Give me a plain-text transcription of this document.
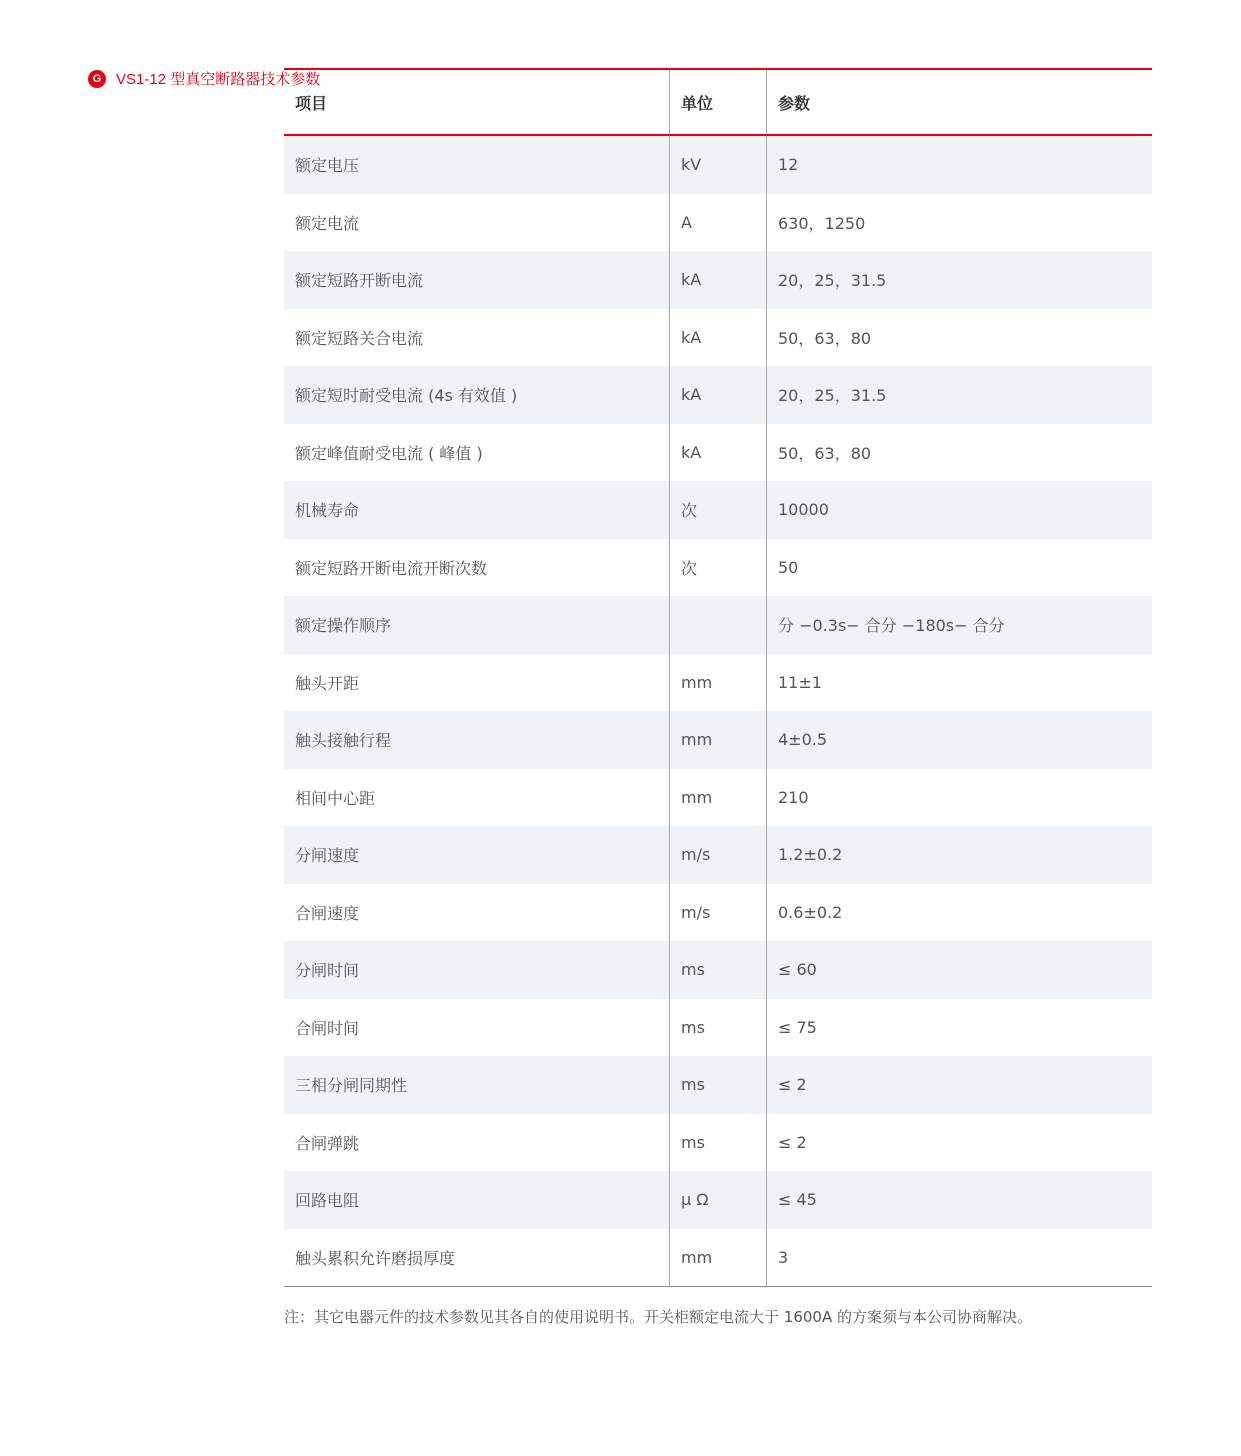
G VS1-12 型真空断路器技术参数
项目	单位	参数
额定电压	kV	12
额定电流	A	630，1250
额定短路开断电流	kA	20，25，31.5
额定短路关合电流	kA	50，63，80
额定短时耐受电流 (4s 有效值 )	kA	20，25，31.5
额定峰值耐受电流 ( 峰值 )	kA	50，63，80
机械寿命	次	10000
额定短路开断电流开断次数	次	50
额定操作顺序		分 −0.3s− 合分 −180s− 合分
触头开距	mm	11±1
触头接触行程	mm	4±0.5
相间中心距	mm	210
分闸速度	m/s	1.2±0.2
合闸速度	m/s	0.6±0.2
分闸时间	ms	≤ 60
合闸时间	ms	≤ 75
三相分闸同期性	ms	≤ 2
合闸弹跳	ms	≤ 2
回路电阻	μ Ω	≤ 45
触头累积允许磨损厚度	mm	3
注：其它电器元件的技术参数见其各自的使用说明书。开关柜额定电流大于 1600A 的方案须与本公司协商解决。
